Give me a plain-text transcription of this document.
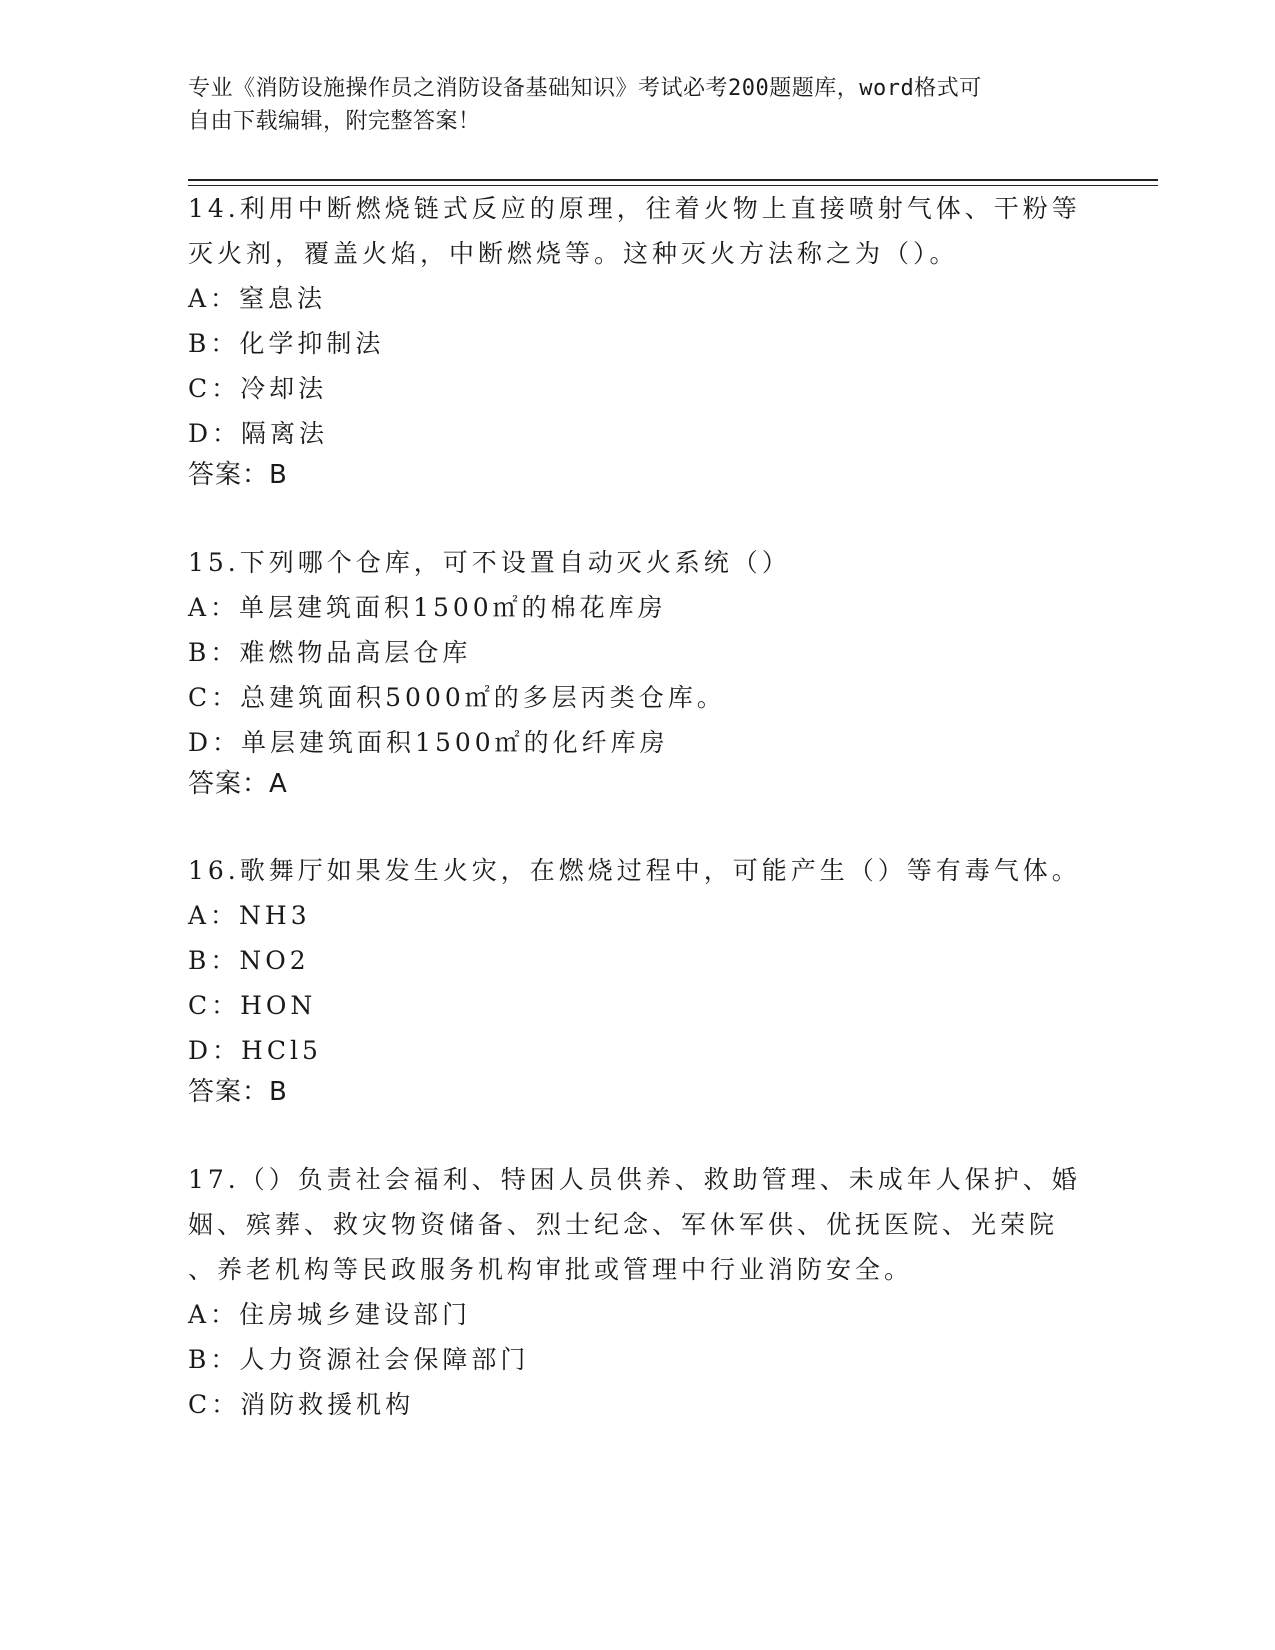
专业《消防设施操作员之消防设备基础知识》考试必考200题题库，word格式可
自由下载编辑，附完整答案！
14.利用中断燃烧链式反应的原理，往着火物上直接喷射气体、干粉等
灭火剂，覆盖火焰，中断燃烧等。这种灭火方法称之为（）。
A：窒息法
B：化学抑制法
C：冷却法
D：隔离法
答案：B
15.下列哪个仓库，可不设置自动灭火系统（）
A：单层建筑面积1500㎡的棉花库房
B：难燃物品高层仓库
C：总建筑面积5000㎡的多层丙类仓库。
D：单层建筑面积1500㎡的化纤库房
答案：A
16.歌舞厅如果发生火灾，在燃烧过程中，可能产生（）等有毒气体。
A：NH3
B：NO2
C：HON
D：HCl5
答案：B
17.（）负责社会福利、特困人员供养、救助管理、未成年人保护、婚
姻、殡葬、救灾物资储备、烈士纪念、军休军供、优抚医院、光荣院
、养老机构等民政服务机构审批或管理中行业消防安全。
A：住房城乡建设部门
B：人力资源社会保障部门
C：消防救援机构
